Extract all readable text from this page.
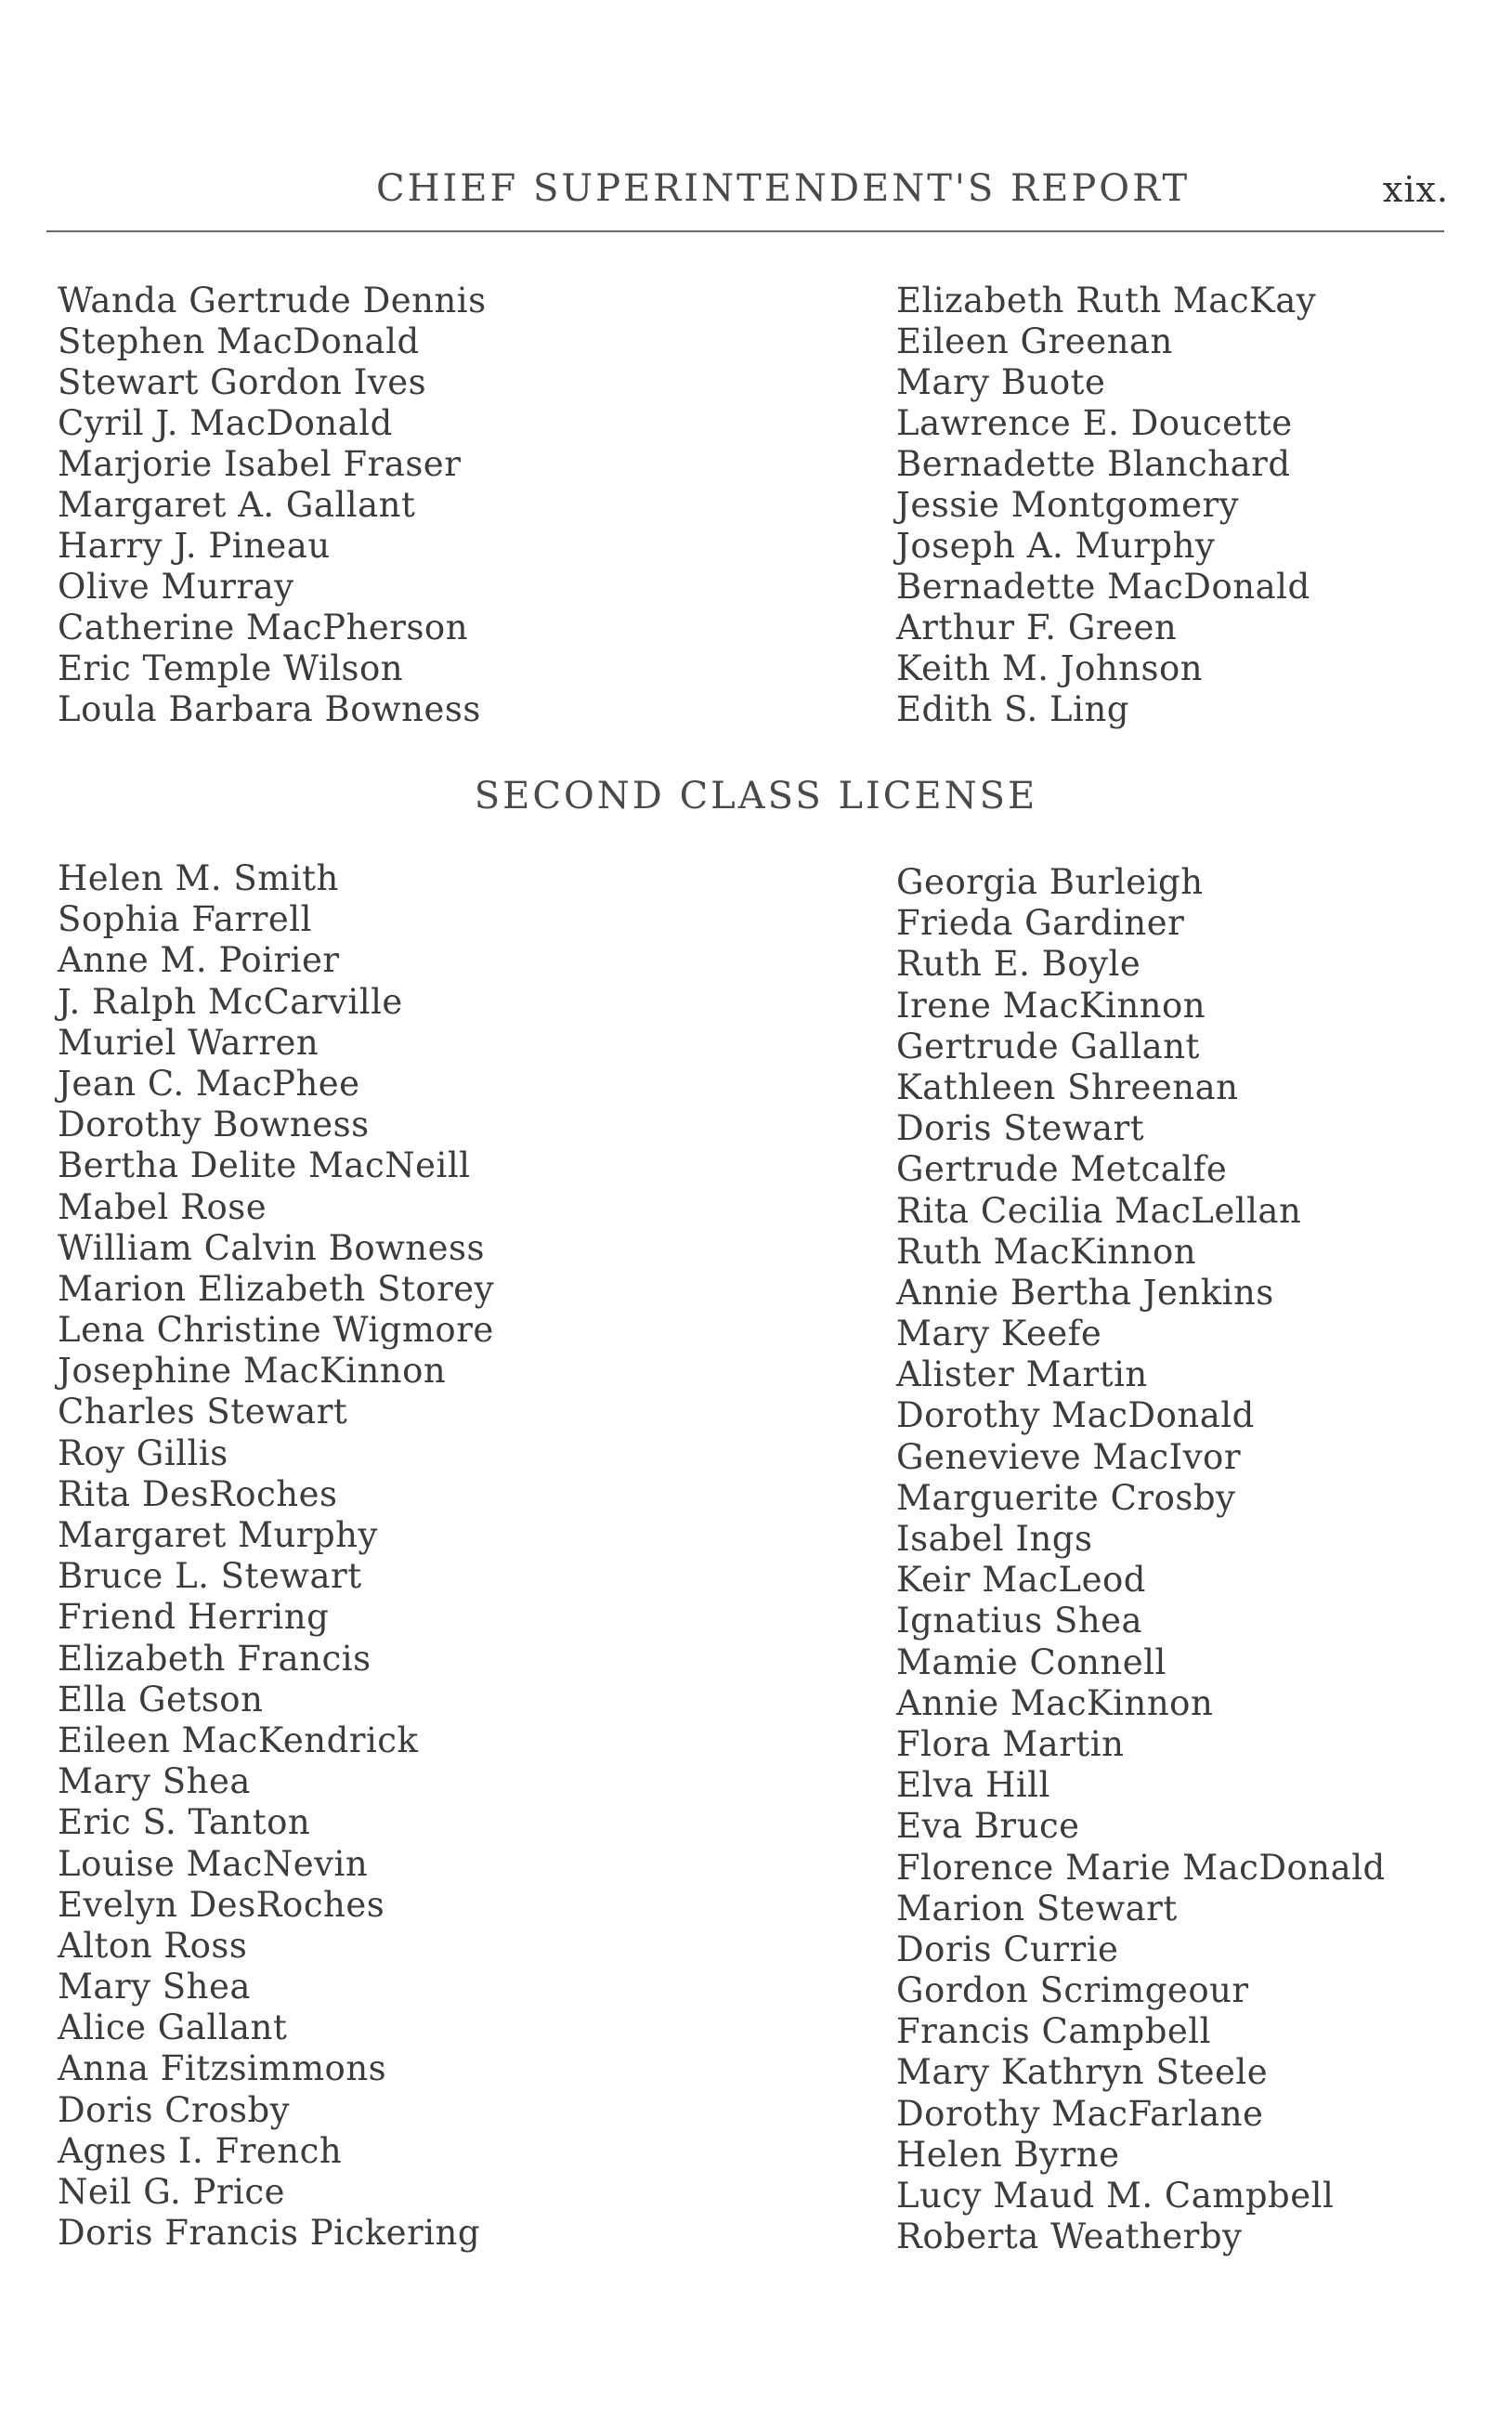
CHIEF SUPERINTENDENT'S REPORT	xix.
Wanda Gertrude Dennis
Stephen MacDonald
Stewart Gordon Ives
Cyril J. MacDonald
Marjorie Isabel Fraser
Margaret A. Gallant
Harry J. Pineau
Olive Murray
Catherine MacPherson
Eric Temple Wilson
Loula Barbara Bowness
Elizabeth Ruth MacKay
Eileen Greenan
Mary Buote
Lawrence E. Doucette
Bernadette Blanchard
Jessie Montgomery
Joseph A. Murphy
Bernadette MacDonald
Arthur F. Green
Keith M. Johnson
Edith S. Ling
SECOND CLASS LICENSE
Helen M. Smith
Sophia Farrell
Anne M. Poirier
J. Ralph McCarville
Muriel Warren
Jean C. MacPhee
Dorothy Bowness
Bertha Delite MacNeill
Mabel Rose
William Calvin Bowness
Marion Elizabeth Storey
Lena Christine Wigmore
Josephine MacKinnon
Charles Stewart
Roy Gillis
Rita DesRoches
Margaret Murphy
Bruce L. Stewart
Friend Herring
Elizabeth Francis
Ella Getson
Eileen MacKendrick
Mary Shea
Eric S. Tanton
Louise MacNevin
Evelyn DesRoches
Alton Ross
Mary Shea
Alice Gallant
Anna Fitzsimmons
Doris Crosby
Agnes I. French
Neil G. Price
Doris Francis Pickering
Georgia Burleigh
Frieda Gardiner
Ruth E. Boyle
Irene MacKinnon
Gertrude Gallant
Kathleen Shreenan
Doris Stewart
Gertrude Metcalfe
Rita Cecilia MacLellan
Ruth MacKinnon
Annie Bertha Jenkins
Mary Keefe
Alister Martin
Dorothy MacDonald
Genevieve MacIvor
Marguerite Crosby
Isabel Ings
Keir MacLeod
Ignatius Shea
Mamie Connell
Annie MacKinnon
Flora Martin
Elva Hill
Eva Bruce
Florence Marie MacDonald
Marion Stewart
Doris Currie
Gordon Scrimgeour
Francis Campbell
Mary Kathryn Steele
Dorothy MacFarlane
Helen Byrne
Lucy Maud M. Campbell
Roberta Weatherby
